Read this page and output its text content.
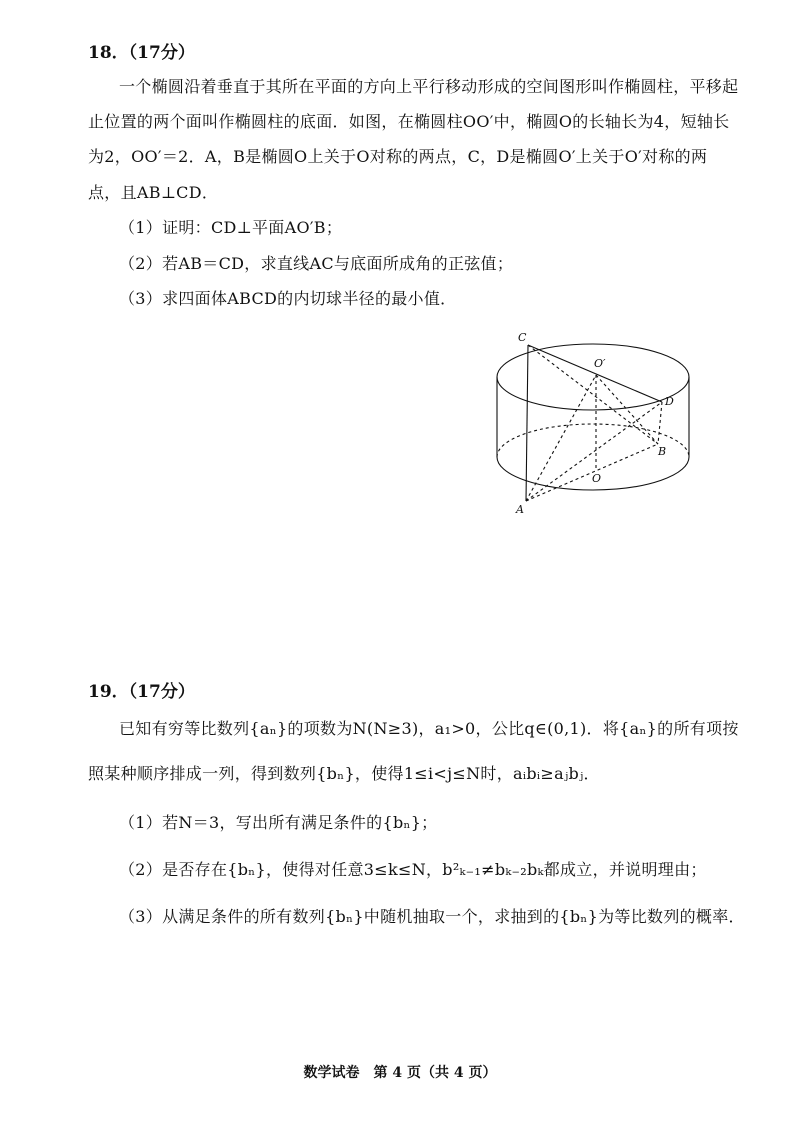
18．（17分）
一个椭圆沿着垂直于其所在平面的方向上平行移动形成的空间图形叫作椭圆柱，平移起
止位置的两个面叫作椭圆柱的底面．如图，在椭圆柱OO′中，椭圆O的长轴长为4，短轴长
为2，OO′＝2．A，B是椭圆O上关于O对称的两点，C，D是椭圆O′上关于O′对称的两
点，且AB⊥CD．
（1）证明：CD⊥平面AO′B；
（2）若AB＝CD，求直线AC与底面所成角的正弦值；
（3）求四面体ABCD的内切球半径的最小值．
C
O′
D
B
O
A
19．（17分）
已知有穷等比数列{aₙ}的项数为N(N≥3)，a₁>0，公比q∈(0,1)．将{aₙ}的所有项按
照某种顺序排成一列，得到数列{bₙ}，使得1≤i<j≤N时，aᵢbᵢ≥aⱼbⱼ．
（1）若N＝3，写出所有满足条件的{bₙ}；
（2）是否存在{bₙ}，使得对任意3≤k≤N，b²ₖ₋₁≠bₖ₋₂bₖ都成立，并说明理由；
（3）从满足条件的所有数列{bₙ}中随机抽取一个，求抽到的{bₙ}为等比数列的概率．
数学试卷　第 4 页（共 4 页）
